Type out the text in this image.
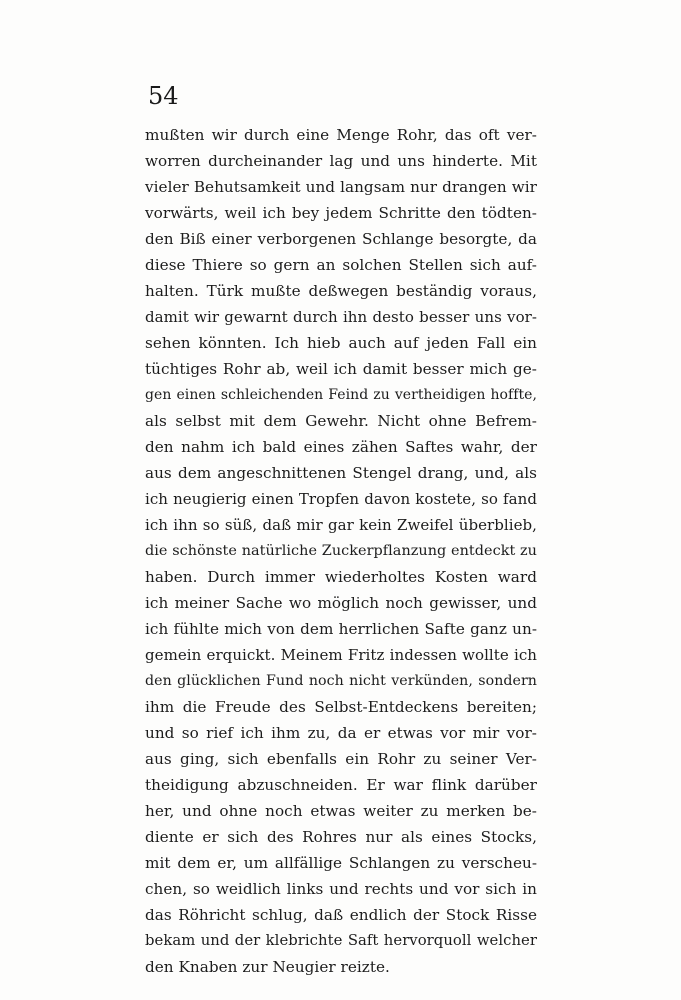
54
mußten wir durch eine Menge Rohr, das oft ver-
worren durcheinander lag und uns hinderte. Mit
vieler Behutsamkeit und langsam nur drangen wir
vorwärts, weil ich bey jedem Schritte den tödten-
den Biß einer verborgenen Schlange besorgte, da
diese Thiere so gern an solchen Stellen sich auf-
halten. Türk mußte deßwegen beständig voraus,
damit wir gewarnt durch ihn desto besser uns vor-
sehen könnten. Ich hieb auch auf jeden Fall ein
tüchtiges Rohr ab, weil ich damit besser mich ge-
gen einen schleichenden Feind zu vertheidigen hoffte,
als selbst mit dem Gewehr. Nicht ohne Befrem-
den nahm ich bald eines zähen Saftes wahr, der
aus dem angeschnittenen Stengel drang, und, als
ich neugierig einen Tropfen davon kostete, so fand
ich ihn so süß, daß mir gar kein Zweifel überblieb,
die schönste natürliche Zuckerpflanzung entdeckt zu
haben. Durch immer wiederholtes Kosten ward
ich meiner Sache wo möglich noch gewisser, und
ich fühlte mich von dem herrlichen Safte ganz un-
gemein erquickt. Meinem Fritz indessen wollte ich
den glücklichen Fund noch nicht verkünden, sondern
ihm die Freude des Selbst-Entdeckens bereiten;
und so rief ich ihm zu, da er etwas vor mir vor-
aus ging, sich ebenfalls ein Rohr zu seiner Ver-
theidigung abzuschneiden. Er war flink darüber
her, und ohne noch etwas weiter zu merken be-
diente er sich des Rohres nur als eines Stocks,
mit dem er, um allfällige Schlangen zu verscheu-
chen, so weidlich links und rechts und vor sich in
das Röhricht schlug, daß endlich der Stock Risse
bekam und der klebrichte Saft hervorquoll welcher
den Knaben zur Neugier reizte.
